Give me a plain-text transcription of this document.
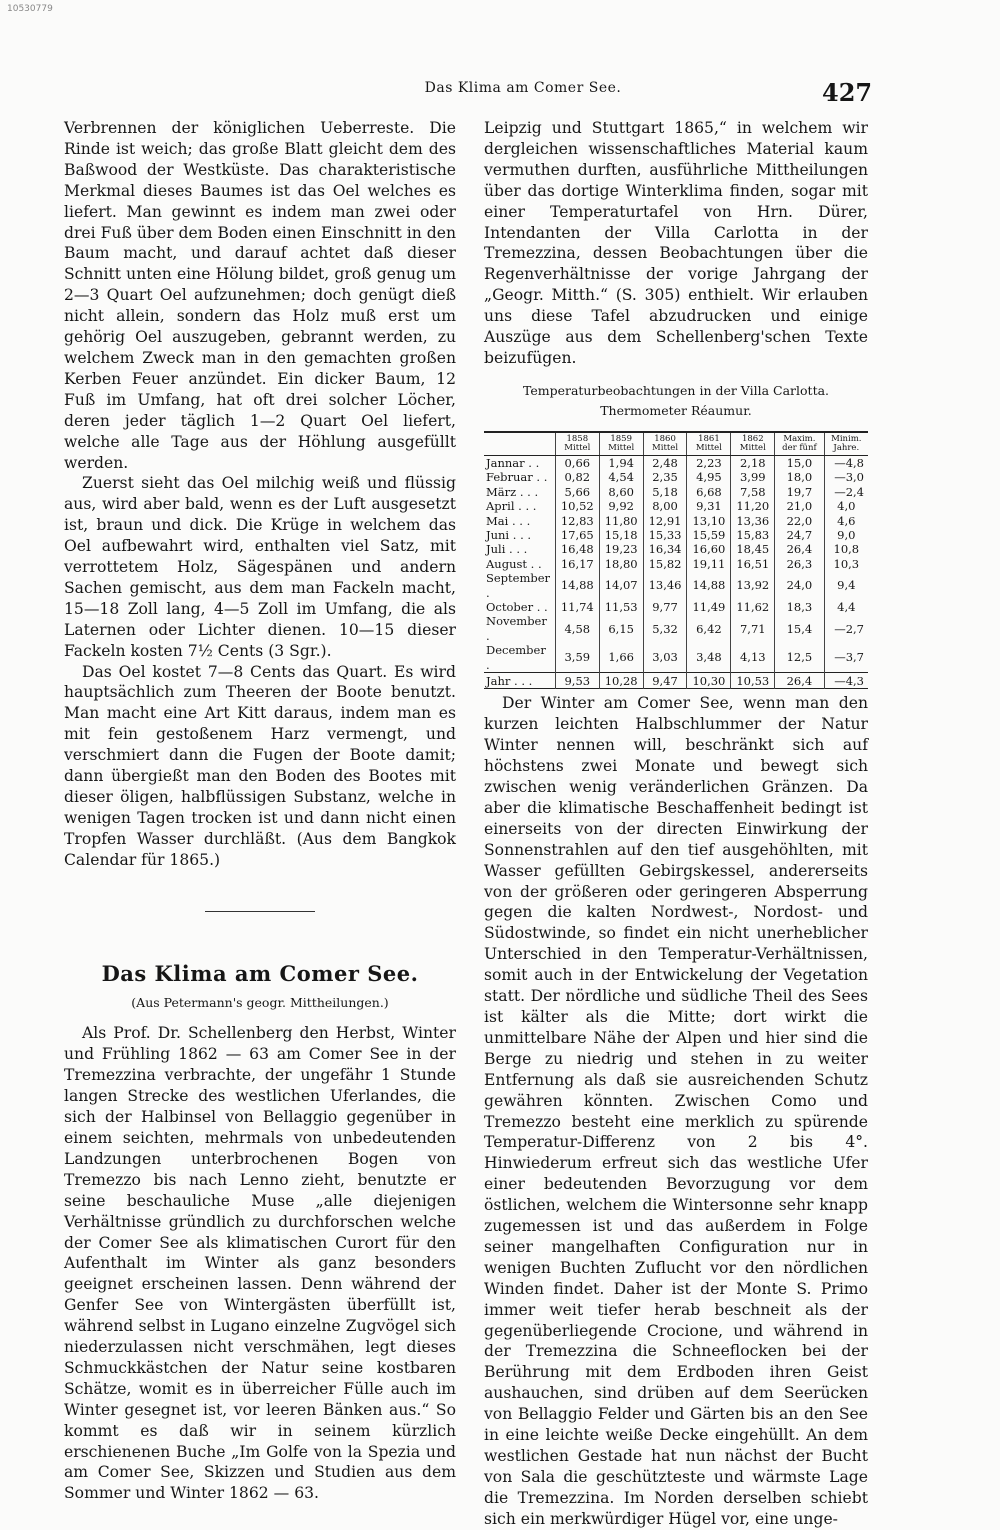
10530779
Das Klima am Comer See.	427

Verbrennen der königlichen Ueberreste. Die Rinde ist weich; das große Blatt gleicht dem des Baßwood der Westküste. Das charakteristische Merkmal dieses Baumes ist das Oel welches es liefert. Man gewinnt es indem man zwei oder drei Fuß über dem Boden einen Einschnitt in den Baum macht, und darauf achtet daß dieser Schnitt unten eine Hölung bildet, groß genug um 2—3 Quart Oel aufzunehmen; doch genügt dieß nicht allein, sondern das Holz muß erst um gehörig Oel auszugeben, gebrannt werden, zu welchem Zweck man in den gemachten großen Kerben Feuer anzündet. Ein dicker Baum, 12 Fuß im Umfang, hat oft drei solcher Löcher, deren jeder täglich 1—2 Quart Oel liefert, welche alle Tage aus der Höhlung ausgefüllt werden.

Zuerst sieht das Oel milchig weiß und flüssig aus, wird aber bald, wenn es der Luft ausgesetzt ist, braun und dick. Die Krüge in welchem das Oel aufbewahrt wird, enthalten viel Satz, mit verrottetem Holz, Sägespänen und andern Sachen gemischt, aus dem man Fackeln macht, 15—18 Zoll lang, 4—5 Zoll im Umfang, die als Laternen oder Lichter dienen. 10—15 dieser Fackeln kosten 7½ Cents (3 Sgr.).

Das Oel kostet 7—8 Cents das Quart. Es wird hauptsächlich zum Theeren der Boote benutzt. Man macht eine Art Kitt daraus, indem man es mit fein gestoßenem Harz vermengt, und verschmiert dann die Fugen der Boote damit; dann übergießt man den Boden des Bootes mit dieser öligen, halbflüssigen Substanz, welche in wenigen Tagen trocken ist und dann nicht einen Tropfen Wasser durchläßt. (Aus dem Bangkok Calendar für 1865.)

Das Klima am Comer See.
(Aus Petermann's geogr. Mittheilungen.)

Als Prof. Dr. Schellenberg den Herbst, Winter und Frühling 1862 — 63 am Comer See in der Tremezzina verbrachte, der ungefähr 1 Stunde langen Strecke des westlichen Uferlandes, die sich der Halbinsel von Bellaggio gegenüber in einem seichten, mehrmals von unbedeutenden Landzungen unterbrochenen Bogen von Tremezzo bis nach Lenno zieht, benutzte er seine beschauliche Muse „alle diejenigen Verhältnisse gründlich zu durchforschen welche der Comer See als klimatischen Curort für den Aufenthalt im Winter als ganz besonders geeignet erscheinen lassen. Denn während der Genfer See von Wintergästen überfüllt ist, während selbst in Lugano einzelne Zugvögel sich niederzulassen nicht verschmähen, legt dieses Schmuckkästchen der Natur seine kostbaren Schätze, womit es in überreicher Fülle auch im Winter gesegnet ist, vor leeren Bänken aus.“ So kommt es daß wir in seinem kürzlich erschienenen Buche „Im Golfe von la Spezia und am Comer See, Skizzen und Studien aus dem Sommer und Winter 1862 — 63.

Leipzig und Stuttgart 1865,“ in welchem wir dergleichen wissenschaftliches Material kaum vermuthen durften, ausführliche Mittheilungen über das dortige Winterklima finden, sogar mit einer Temperaturtafel von Hrn. Dürer, Intendanten der Villa Carlotta in der Tremezzina, dessen Beobachtungen über die Regenverhältnisse der vorige Jahrgang der „Geogr. Mitth.“ (S. 305) enthielt. Wir erlauben uns diese Tafel abzudrucken und einige Auszüge aus dem Schellenberg'schen Texte beizufügen.

Temperaturbeobachtungen in der Villa Carlotta.
Thermometer Réaumur.
	1858 Mittel	1859 Mittel	1860 Mittel	1861 Mittel	1862 Mittel	Maxim. der fünf	Minim. Jahre.
Jannar . .	0,66	1,94	2,48	2,23	2,18	15,0	—4,8
Februar . .	0,82	4,54	2,35	4,95	3,99	18,0	—3,0
März . . .	5,66	8,60	5,18	6,68	7,58	19,7	—2,4
April . . .	10,52	9,92	8,00	9,31	11,20	21,0	4,0
Mai . . .	12,83	11,80	12,91	13,10	13,36	22,0	4,6
Juni . . .	17,65	15,18	15,33	15,59	15,83	24,7	9,0
Juli . . .	16,48	19,23	16,34	16,60	18,45	26,4	10,8
August . .	16,17	18,80	15,82	19,11	16,51	26,3	10,3
September .	14,88	14,07	13,46	14,88	13,92	24,0	9,4
October . .	11,74	11,53	9,77	11,49	11,62	18,3	4,4
November .	4,58	6,15	5,32	6,42	7,71	15,4	—2,7
December .	3,59	1,66	3,03	3,48	4,13	12,5	—3,7
Jahr . . .	9,53	10,28	9,47	10,30	10,53	26,4	—4,3

Der Winter am Comer See, wenn man den kurzen leichten Halbschlummer der Natur Winter nennen will, beschränkt sich auf höchstens zwei Monate und bewegt sich zwischen wenig veränderlichen Gränzen. Da aber die klimatische Beschaffenheit bedingt ist einerseits von der directen Einwirkung der Sonnenstrahlen auf den tief ausgehöhlten, mit Wasser gefüllten Gebirgskessel, andererseits von der größeren oder geringeren Absperrung gegen die kalten Nordwest-, Nordost- und Südostwinde, so findet ein nicht unerheblicher Unterschied in den Temperatur-Verhältnissen, somit auch in der Entwickelung der Vegetation statt. Der nördliche und südliche Theil des Sees ist kälter als die Mitte; dort wirkt die unmittelbare Nähe der Alpen und hier sind die Berge zu niedrig und stehen in zu weiter Entfernung als daß sie ausreichenden Schutz gewähren könnten. Zwischen Como und Tremezzo besteht eine merklich zu spürende Temperatur-Differenz von 2 bis 4°. Hinwiederum erfreut sich das westliche Ufer einer bedeutenden Bevorzugung vor dem östlichen, welchem die Wintersonne sehr knapp zugemessen ist und das außerdem in Folge seiner mangelhaften Configuration nur in wenigen Buchten Zuflucht vor den nördlichen Winden findet. Daher ist der Monte S. Primo immer weit tiefer herab beschneit als der gegenüberliegende Crocione, und während in der Tremezzina die Schneeflocken bei der Berührung mit dem Erdboden ihren Geist aushauchen, sind drüben auf dem Seerücken von Bellaggio Felder und Gärten bis an den See in eine leichte weiße Decke eingehüllt. An dem westlichen Gestade hat nun nächst der Bucht von Sala die geschützteste und wärmste Lage die Tremezzina. Im Norden derselben schiebt sich ein merkwürdiger Hügel vor, eine unge-
